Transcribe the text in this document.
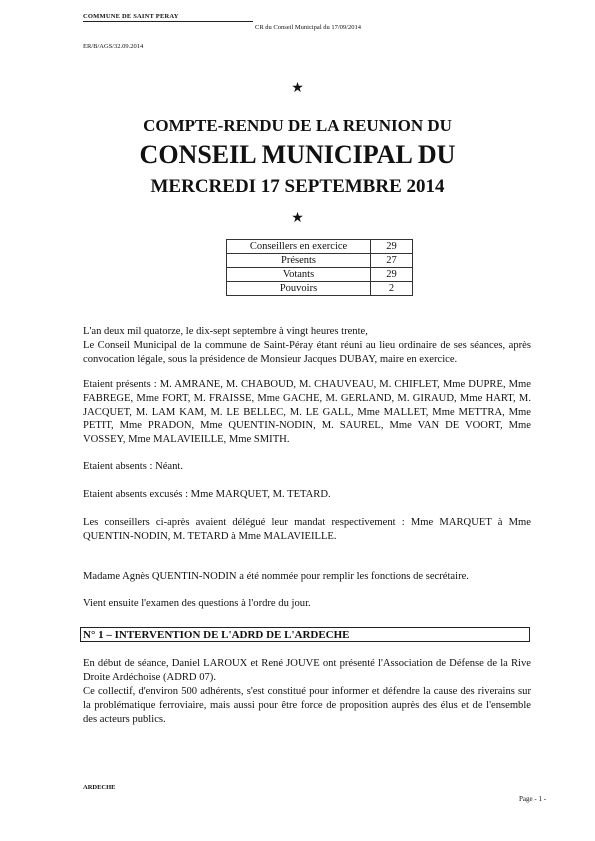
COMMUNE DE SAINT PERAY
CR du Conseil Municipal du 17/09/2014
ER/B/AGS/32.09.2014
★
COMPTE-RENDU DE LA REUNION DU
CONSEIL MUNICIPAL DU
MERCREDI 17 SEPTEMBRE 2014
★
Conseillers en exercice	29
Présents	27
Votants	29
Pouvoirs	2

L'an deux mil quatorze, le dix-sept septembre à vingt heures trente,

Le Conseil Municipal de la commune de Saint-Péray étant réuni au lieu ordinaire de ses séances, après convocation légale, sous la présidence de Monsieur Jacques DUBAY, maire en exercice.

Etaient présents : M. AMRANE, M. CHABOUD, M. CHAUVEAU, M. CHIFLET, Mme DUPRE, Mme FABREGE, Mme FORT, M. FRAISSE, Mme GACHE, M. GERLAND, M. GIRAUD, Mme HART, M. JACQUET, M. LAM KAM, M. LE BELLEC, M. LE GALL, Mme MALLET, Mme METTRA, Mme PETIT, Mme PRADON, Mme QUENTIN-NODIN, M. SAUREL, Mme VAN DE VOORT, Mme VOSSEY, Mme MALAVIEILLE, Mme SMITH.
Etaient absents : Néant.
Etaient absents excusés : Mme MARQUET, M. TETARD.
Les conseillers ci-après avaient délégué leur mandat respectivement : Mme MARQUET à Mme QUENTIN-NODIN, M. TETARD à Mme MALAVIEILLE.
Madame Agnès QUENTIN-NODIN a été nommée pour remplir les fonctions de secrétaire.
Vient ensuite l'examen des questions à l'ordre du jour.
N° 1 – INTERVENTION DE L'ADRD DE L'ARDECHE
En début de séance, Daniel LAROUX et René JOUVE ont présenté l'Association de Défense de la Rive Droite Ardéchoise (ADRD 07).
Ce collectif, d'environ 500 adhérents, s'est constitué pour informer et défendre la cause des riverains sur la problématique ferroviaire, mais aussi pour être force de proposition auprès des élus et de l'ensemble des acteurs publics.
ARDECHE
Page - 1 -
